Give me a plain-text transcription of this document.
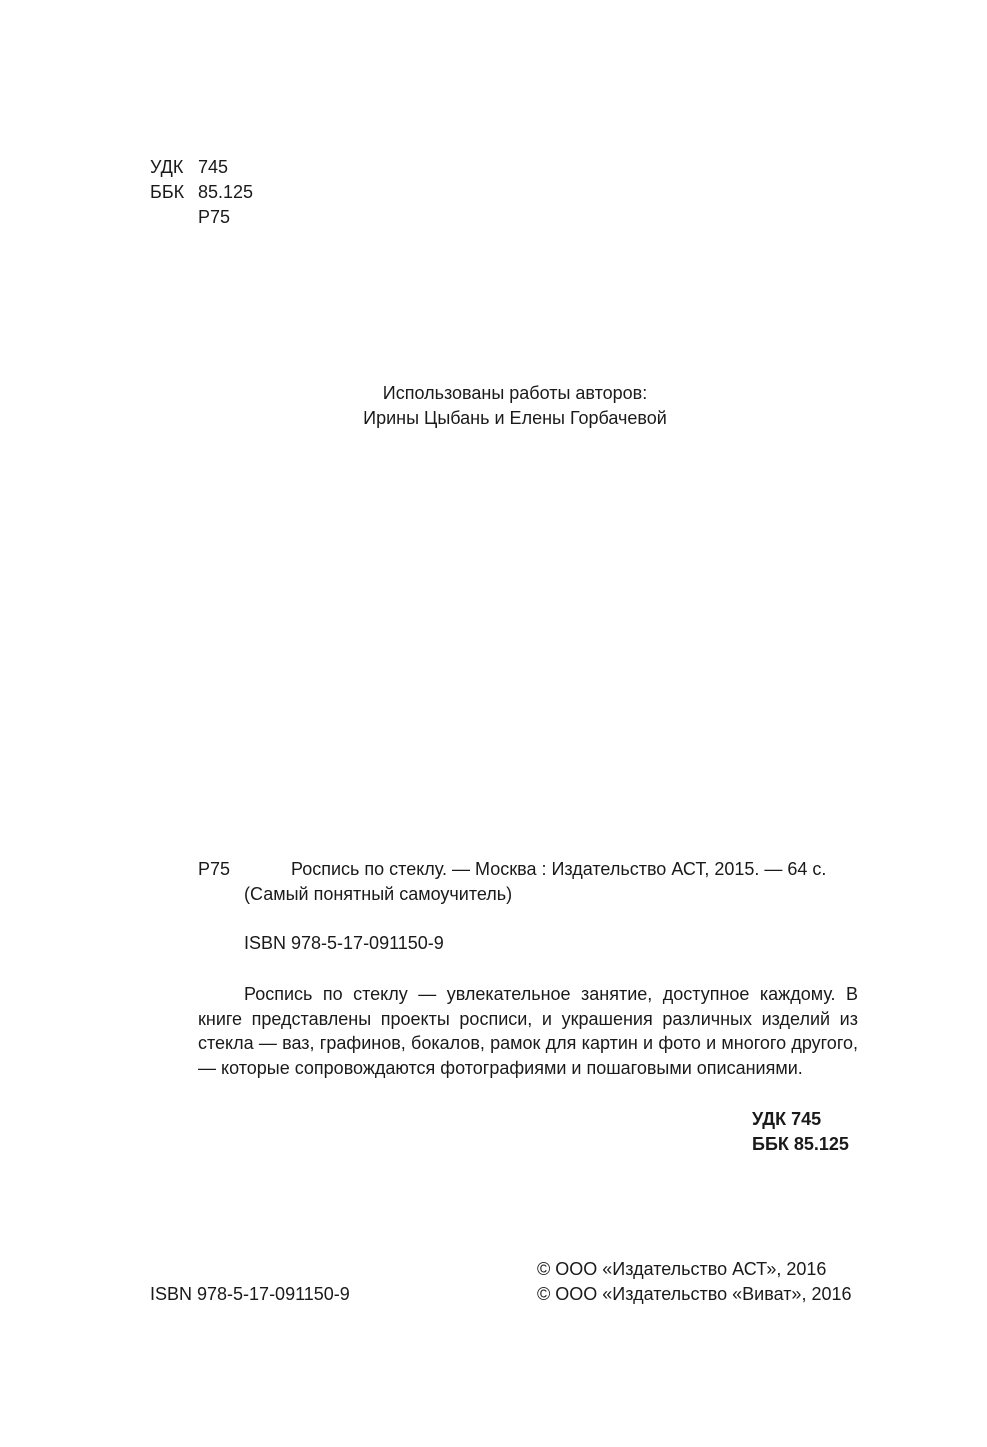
УДК 745
ББК 85.125
Р75
Использованы работы авторов:
Ирины Цыбань и Елены Горбачевой
Р75	Роспись по стеклу. — Москва : Издательство АСТ, 2015. — 64 с.
(Самый понятный самоучитель)
ISBN 978-5-17-091150-9

Роспись по стеклу — увлекательное занятие, доступное каждому. В книге представлены проекты росписи, и украшения различных изделий из стекла — ваз, графинов, бокалов, рамок для картин и фото и многого другого, — которые сопровождаются фотографиями и пошаговыми описаниями.

УДК 745
ББК 85.125
© ООО «Издательство АСТ», 2016
ISBN 978-5-17-091150-9	© ООО «Издательство «Виват», 2016
